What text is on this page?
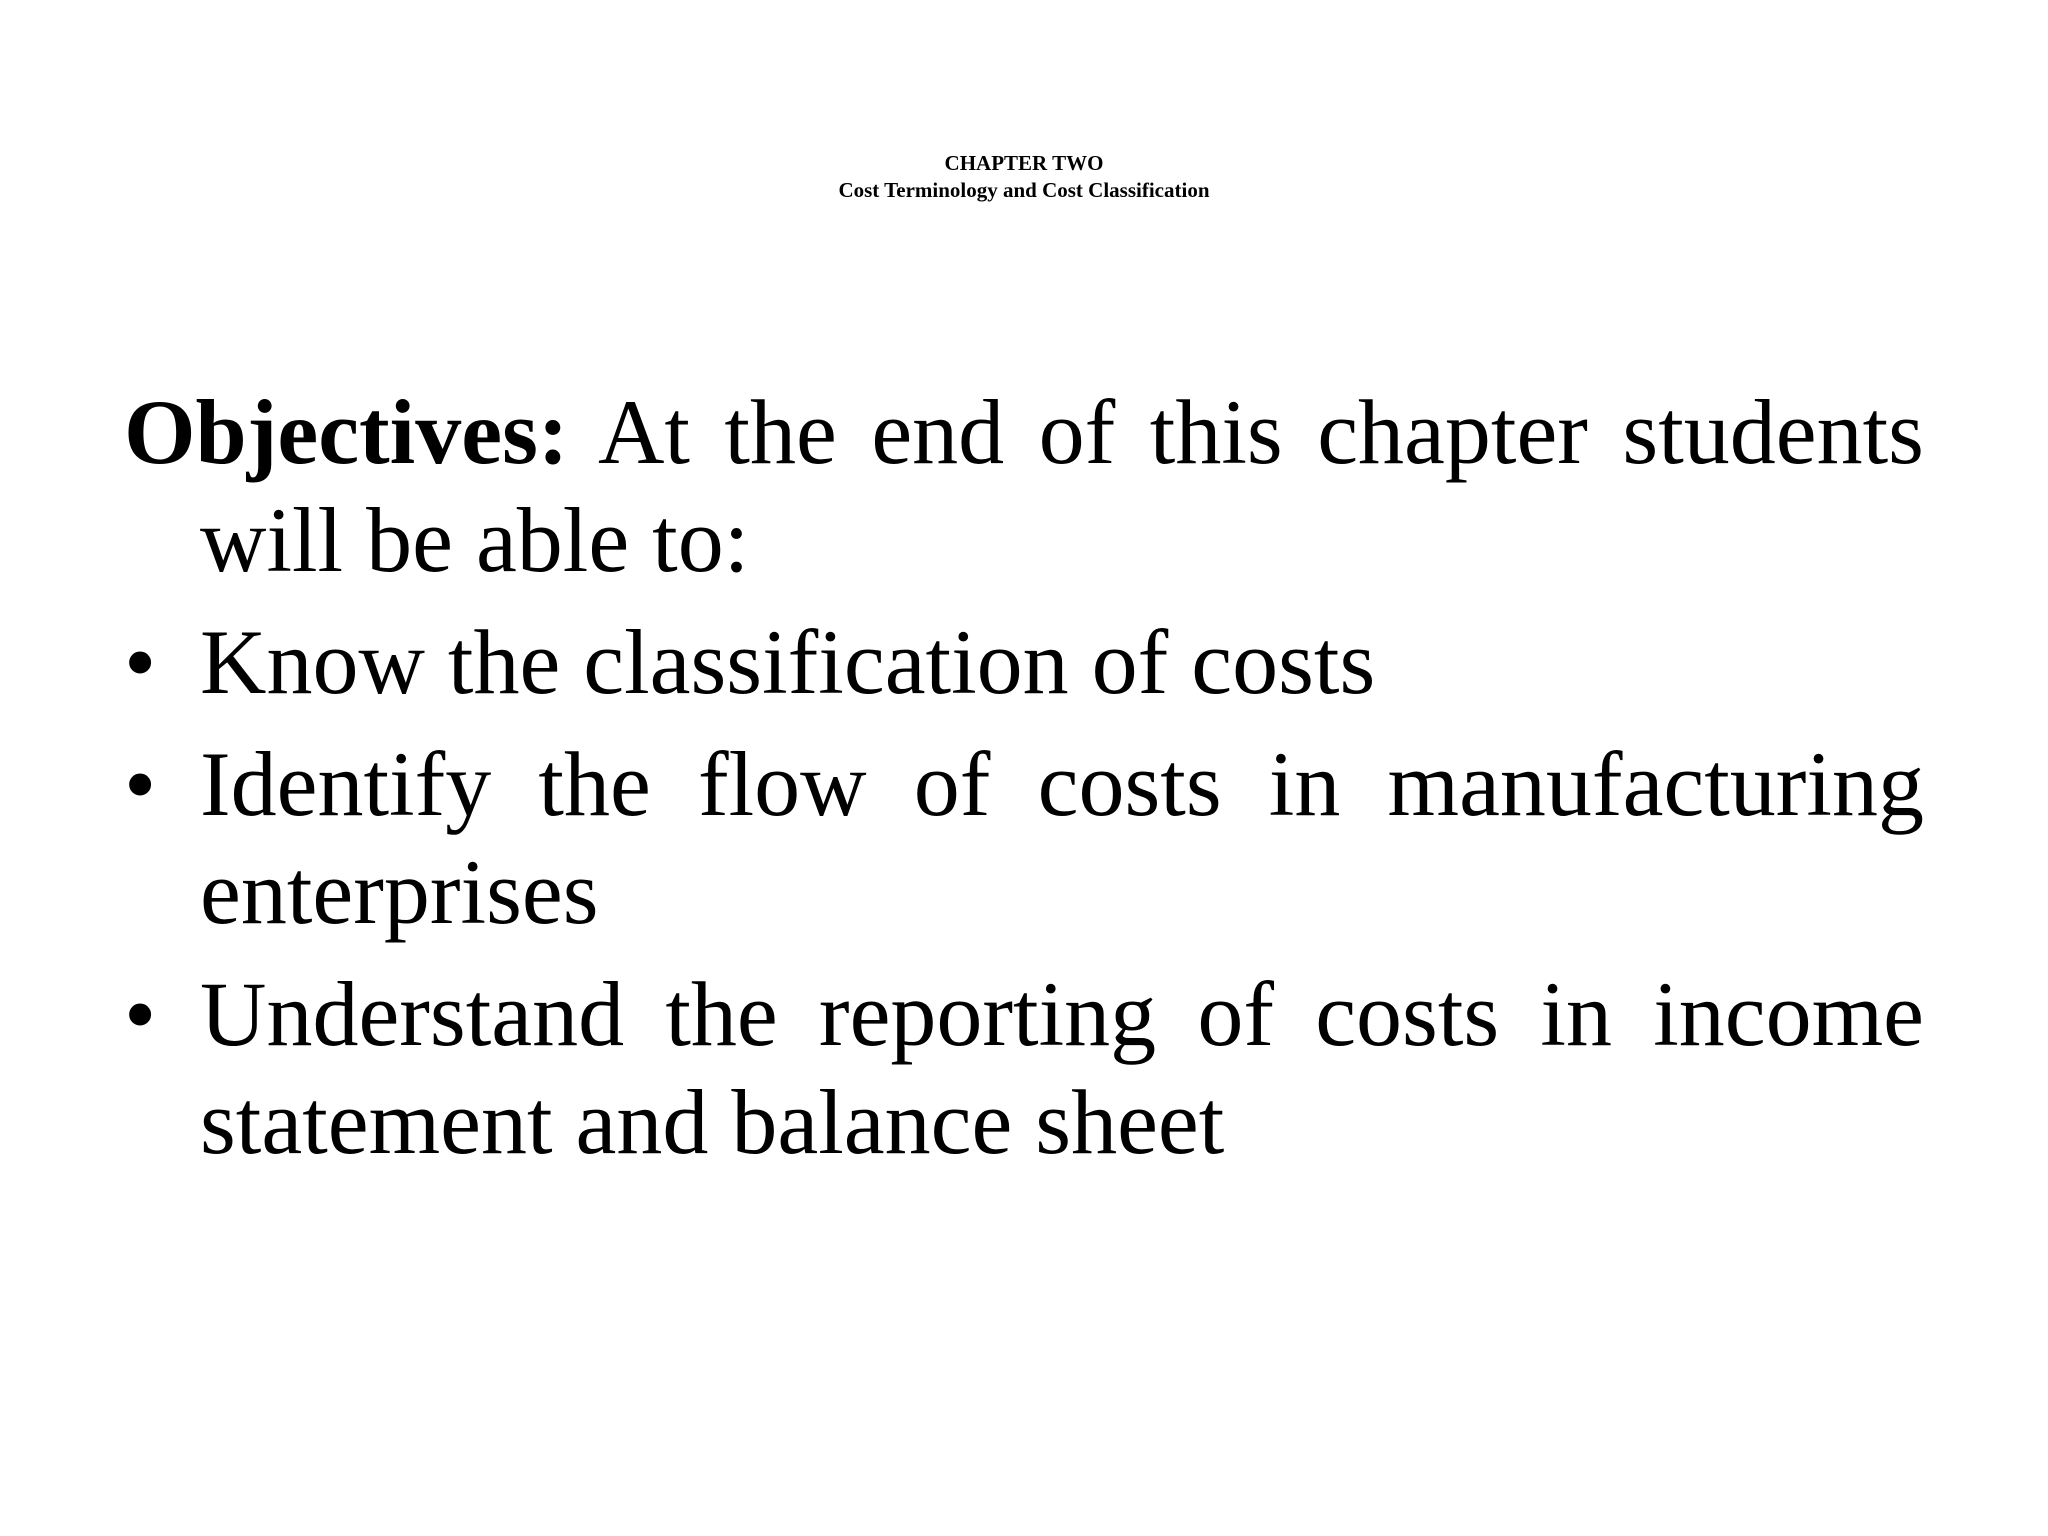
CHAPTER TWO
Cost Terminology and Cost Classification

Objectives: At the end of this chapter students will be able to:

• Know the classification of costs
• Identify the flow of costs in manufacturing enterprises
• Understand the reporting of costs in income statement and balance sheet
